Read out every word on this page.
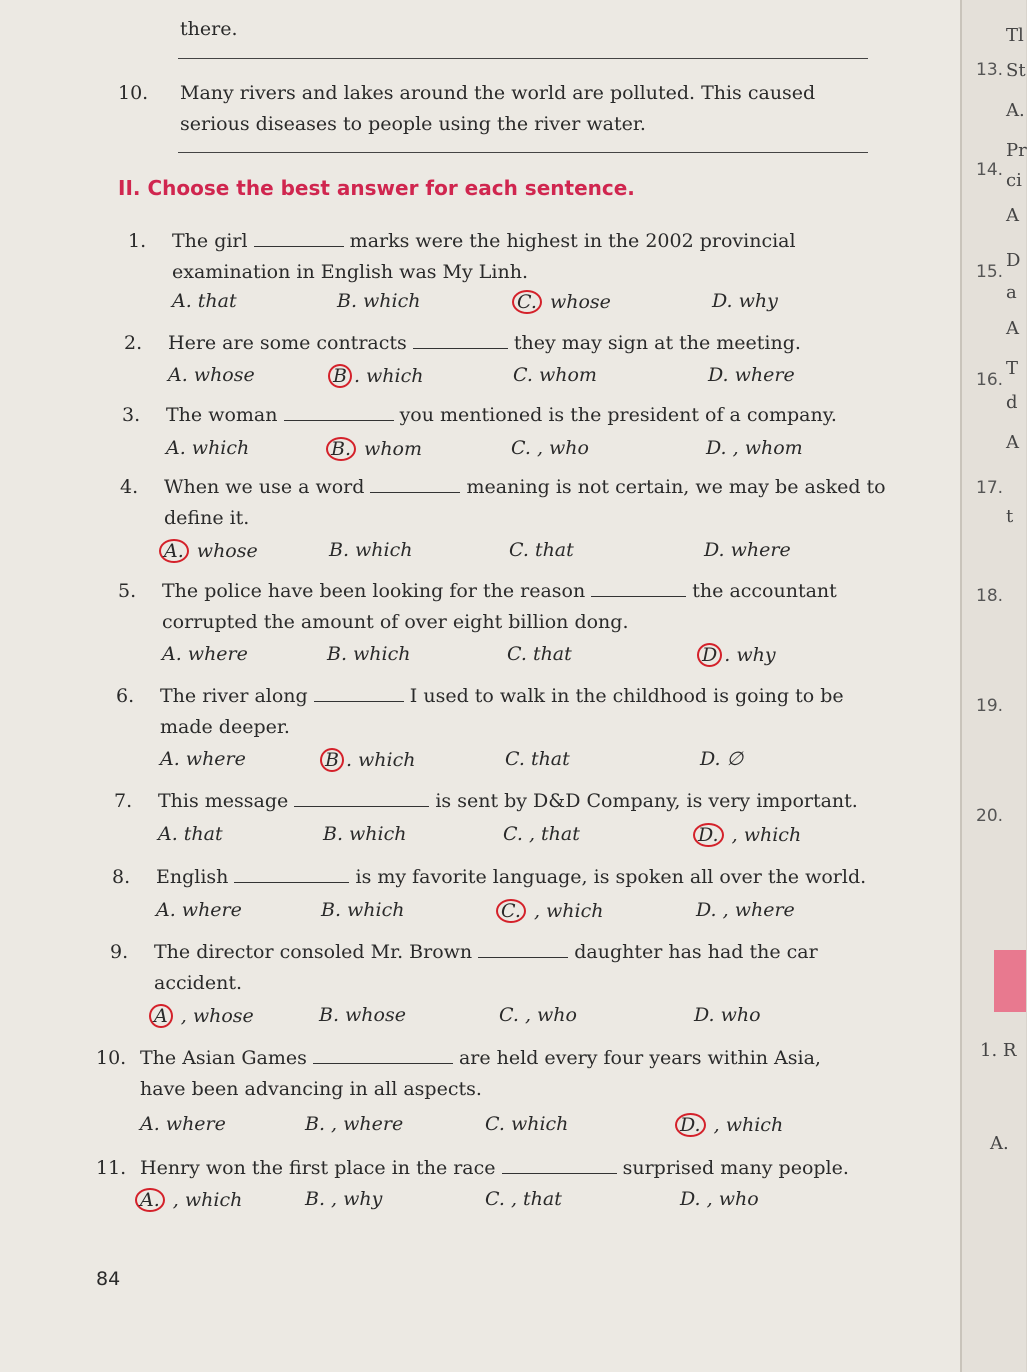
there.
10. Many rivers and lakes around the world are polluted. This caused serious diseases to people using the river water.
II. Choose the best answer for each sentence.
1. The girl	marks were the highest in the 2002 provincial examination in English was My Linh.
A. that	B. which	C. whose	D. why
2. Here are some contracts	they may sign at the meeting.
A. whose	B . which	C. whom	D. where
3. The woman	you mentioned is the president of a company.
A. which	B. whom	C. , who	D. , whom
4. When we use a word	meaning is not certain, we may be asked to define it.
A. whose	B. which	C. that	D. where
5. The police have been looking for the reason	the accountant corrupted the amount of over eight billion dong.
A. where	B. which	C. that	D . why
6. The river along	I used to walk in the childhood is going to be made deeper.
A. where	B . which	C. that	D. ∅
7. This message	is sent by D&D Company, is very important.
A. that	B. which	C. , that	D. , which
8. English	is my favorite language, is spoken all over the world.
A. where	B. which	C. , which	D. , where
9. The director consoled Mr. Brown	daughter has had the car accident.
A , whose	B. whose	C. , who	D. who
10. The Asian Games	are held every four years within Asia, have been advancing in all aspects.
A. where	B. , where	C. which	D. , which
11. Henry won the first place in the race	surprised many people.
A. , which	B. , why	C. , that	D. , who
84
13.
14.
15.
16.
17.
18.
19.
20.
Tl
St
A.
Pr
ci
A
D
a
A
T
d
A
t
1. R
A.
